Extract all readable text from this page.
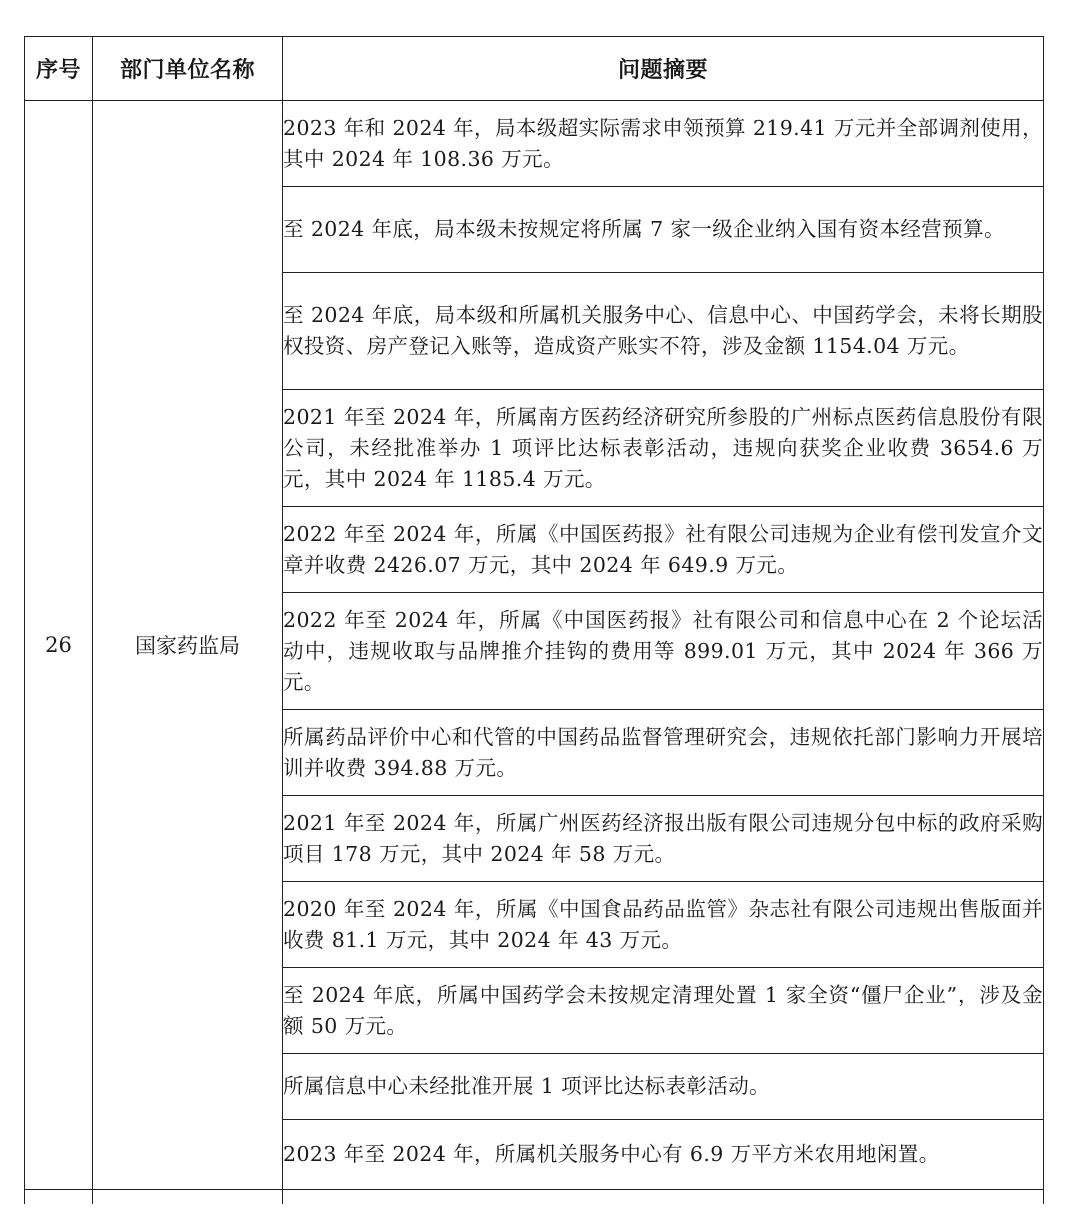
序号	部门单位名称	问题摘要
26	国家药监局	2023 年和 2024 年，局本级超实际需求申领预算 219.41 万元并全部调剂使用，其中 2024 年 108.36 万元。
		至 2024 年底，局本级未按规定将所属 7 家一级企业纳入国有资本经营预算。
		至 2024 年底，局本级和所属机关服务中心、信息中心、中国药学会，未将长期股权投资、房产登记入账等，造成资产账实不符，涉及金额 1154.04 万元。
		2021 年至 2024 年，所属南方医药经济研究所参股的广州标点医药信息股份有限公司，未经批准举办 1 项评比达标表彰活动，违规向获奖企业收费 3654.6 万元，其中 2024 年 1185.4 万元。
		2022 年至 2024 年，所属《中国医药报》社有限公司违规为企业有偿刊发宣介文章并收费 2426.07 万元，其中 2024 年 649.9 万元。
		2022 年至 2024 年，所属《中国医药报》社有限公司和信息中心在 2 个论坛活动中，违规收取与品牌推介挂钩的费用等 899.01 万元，其中 2024 年 366 万元。
		所属药品评价中心和代管的中国药品监督管理研究会，违规依托部门影响力开展培训并收费 394.88 万元。
		2021 年至 2024 年，所属广州医药经济报出版有限公司违规分包中标的政府采购项目 178 万元，其中 2024 年 58 万元。
		2020 年至 2024 年，所属《中国食品药品监管》杂志社有限公司违规出售版面并收费 81.1 万元，其中 2024 年 43 万元。
		至 2024 年底，所属中国药学会未按规定清理处置 1 家全资“僵尸企业”，涉及金额 50 万元。
		所属信息中心未经批准开展 1 项评比达标表彰活动。
		2023 年至 2024 年，所属机关服务中心有 6.9 万平方米农用地闲置。
